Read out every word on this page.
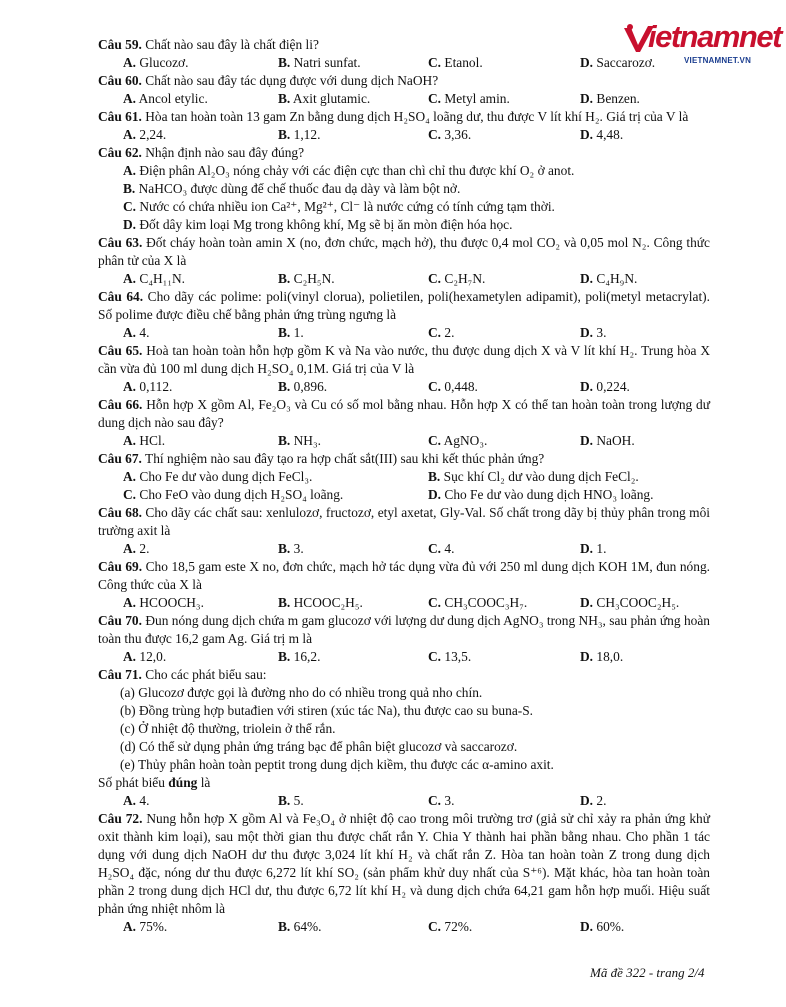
ietnamnet
VIETNAMNET.VN

Câu 59. Chất nào sau đây là chất điện li?

A. Glucozơ.	B. Natri sunfat.	C. Etanol.	D. Saccarozơ.

Câu 60. Chất nào sau đây tác dụng được với dung dịch NaOH?

A. Ancol etylic.	B. Axit glutamic.	C. Metyl amin.	D. Benzen.

Câu 61. Hòa tan hoàn toàn 13 gam Zn bằng dung dịch H₂SO₄ loãng dư, thu được V lít khí H₂. Giá trị của V là

A. 2,24.	B. 1,12.	C. 3,36.	D. 4,48.

Câu 62. Nhận định nào sau đây đúng?

A. Điện phân Al₂O₃ nóng chảy với các điện cực than chì chỉ thu được khí O₂ ở anot.

B. NaHCO₃ được dùng để chế thuốc đau dạ dày và làm bột nở.

C. Nước có chứa nhiều ion Ca²⁺, Mg²⁺, Cl⁻ là nước cứng có tính cứng tạm thời.

D. Đốt dây kim loại Mg trong không khí, Mg sẽ bị ăn mòn điện hóa học.

Câu 63. Đốt cháy hoàn toàn amin X (no, đơn chức, mạch hở), thu được 0,4 mol CO₂ và 0,05 mol N₂. Công thức phân tử của X là

A. C₄H₁₁N.	B. C₂H₅N.	C. C₂H₇N.	D. C₄H₉N.

Câu 64. Cho dãy các polime: poli(vinyl clorua), polietilen, poli(hexametylen adipamit), poli(metyl metacrylat). Số polime được điều chế bằng phản ứng trùng ngưng là

A. 4.	B. 1.	C. 2.	D. 3.

Câu 65. Hoà tan hoàn toàn hỗn hợp gồm K và Na vào nước, thu được dung dịch X và V lít khí H₂. Trung hòa X cần vừa đủ 100 ml dung dịch H₂SO₄ 0,1M. Giá trị của V là

A. 0,112.	B. 0,896.	C. 0,448.	D. 0,224.

Câu 66. Hỗn hợp X gồm Al, Fe₂O₃ và Cu có số mol bằng nhau. Hỗn hợp X có thể tan hoàn toàn trong lượng dư dung dịch nào sau đây?

A. HCl.	B. NH₃.	C. AgNO₃.	D. NaOH.

Câu 67. Thí nghiệm nào sau đây tạo ra hợp chất sắt(III) sau khi kết thúc phản ứng?

A. Cho Fe dư vào dung dịch FeCl₃.	B. Sục khí Cl₂ dư vào dung dịch FeCl₂.
C. Cho FeO vào dung dịch H₂SO₄ loãng.	D. Cho Fe dư vào dung dịch HNO₃ loãng.

Câu 68. Cho dãy các chất sau: xenlulozơ, fructozơ, etyl axetat, Gly-Val. Số chất trong dãy bị thủy phân trong môi trường axit là

A. 2.	B. 3.	C. 4.	D. 1.

Câu 69. Cho 18,5 gam este X no, đơn chức, mạch hở tác dụng vừa đủ với 250 ml dung dịch KOH 1M, đun nóng. Công thức của X là

A. HCOOCH₃.	B. HCOOC₂H₅.	C. CH₃COOC₃H₇.	D. CH₃COOC₂H₅.

Câu 70. Đun nóng dung dịch chứa m gam glucozơ với lượng dư dung dịch AgNO₃ trong NH₃, sau phản ứng hoàn toàn thu được 16,2 gam Ag. Giá trị m là

A. 12,0.	B. 16,2.	C. 13,5.	D. 18,0.

Câu 71. Cho các phát biểu sau:

(a) Glucozơ được gọi là đường nho do có nhiều trong quả nho chín.

(b) Đồng trùng hợp butađien với stiren (xúc tác Na), thu được cao su buna-S.

(c) Ở nhiệt độ thường, triolein ở thể rắn.

(d) Có thể sử dụng phản ứng tráng bạc để phân biệt glucozơ và saccarozơ.

(e) Thủy phân hoàn toàn peptit trong dung dịch kiềm, thu được các α-amino axit.

Số phát biểu đúng là

A. 4.	B. 5.	C. 3.	D. 2.

Câu 72. Nung hỗn hợp X gồm Al và Fe₃O₄ ở nhiệt độ cao trong môi trường trơ (giả sử chỉ xảy ra phản ứng khử oxit thành kim loại), sau một thời gian thu được chất rắn Y. Chia Y thành hai phần bằng nhau. Cho phần 1 tác dụng với dung dịch NaOH dư thu được 3,024 lít khí H₂ và chất rắn Z. Hòa tan hoàn toàn Z trong dung dịch H₂SO₄ đặc, nóng dư thu được 6,272 lít khí SO₂ (sản phẩm khử duy nhất của S⁺⁶). Mặt khác, hòa tan hoàn toàn phần 2 trong dung dịch HCl dư, thu được 6,72 lít khí H₂ và dung dịch chứa 64,21 gam hỗn hợp muối. Hiệu suất phản ứng nhiệt nhôm là

A. 75%.	B. 64%.	C. 72%.	D. 60%.
Mã đề 322 - trang 2/4
